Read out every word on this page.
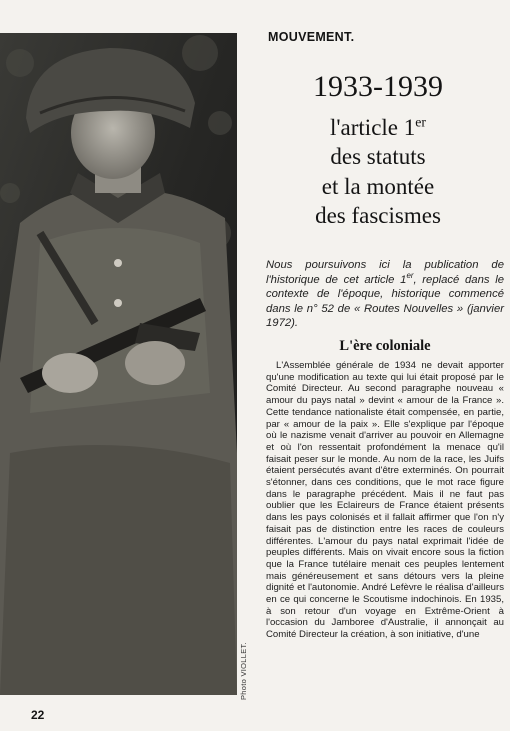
Photo VIOLLET.
MOUVEMENT.
1933-1939
l'article 1er
des statuts
et la montée
des fascismes
Nous poursuivons ici la publication de l'historique de cet article 1er, replacé dans le contexte de l'époque, historique commencé dans le n° 52 de « Routes Nouvelles » (janvier 1972).
L'ère coloniale
L'Assemblée générale de 1934 ne devait apporter qu'une modification au texte qui lui était proposé par le Comité Directeur. Au second paragraphe nouveau « amour du pays natal » devint « amour de la France ». Cette tendance nationaliste était compensée, en partie, par « amour de la paix ». Elle s'explique par l'époque où le nazisme venait d'arriver au pouvoir en Allemagne et où l'on ressentait profondément la menace qu'il faisait peser sur le monde. Au nom de la race, les Juifs étaient persécutés avant d'être exterminés. On pourrait s'étonner, dans ces conditions, que le mot race figure dans le paragraphe précédent. Mais il ne faut pas oublier que les Eclaireurs de France étaient présents dans les pays colonisés et il fallait affirmer que l'on n'y faisait pas de distinction entre les races de couleurs différentes. L'amour du pays natal exprimait l'idée de peuples différents. Mais on vivait encore sous la fiction que la France tutélaire menait ces peuples lentement mais généreusement et sans détours vers la pleine dignité et l'autonomie. André Lefèvre le réalisa d'ailleurs en ce qui concerne le Scoutisme indochinois. En 1935, à son retour d'un voyage en Extrême-Orient à l'occasion du Jamboree d'Australie, il annonçait au Comité Directeur la création, à son initiative, d'une
22
